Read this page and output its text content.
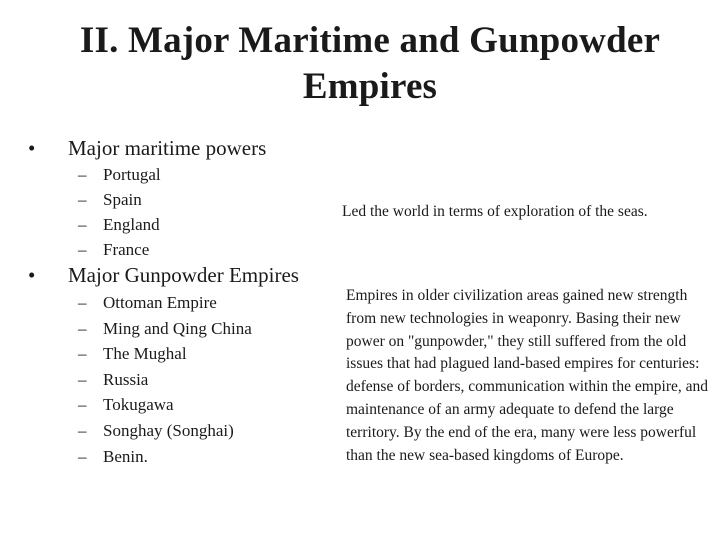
II. Major Maritime and Gunpowder
Empires
• Major maritime powers
– Portugal
– Spain
– England
– France
Led the world in terms of exploration of the seas.
• Major Gunpowder Empires
– Ottoman Empire
– Ming and Qing China
– The Mughal
– Russia
– Tokugawa
– Songhay (Songhai)
– Benin.
Empires in older civilization areas gained new strength from new technologies in weaponry. Basing their new power on "gunpowder," they still suffered from the old issues that had plagued land-based empires for centuries: defense of borders, communication within the empire, and maintenance of an army adequate to defend the large territory. By the end of the era, many were less powerful than the new sea-based kingdoms of Europe.
